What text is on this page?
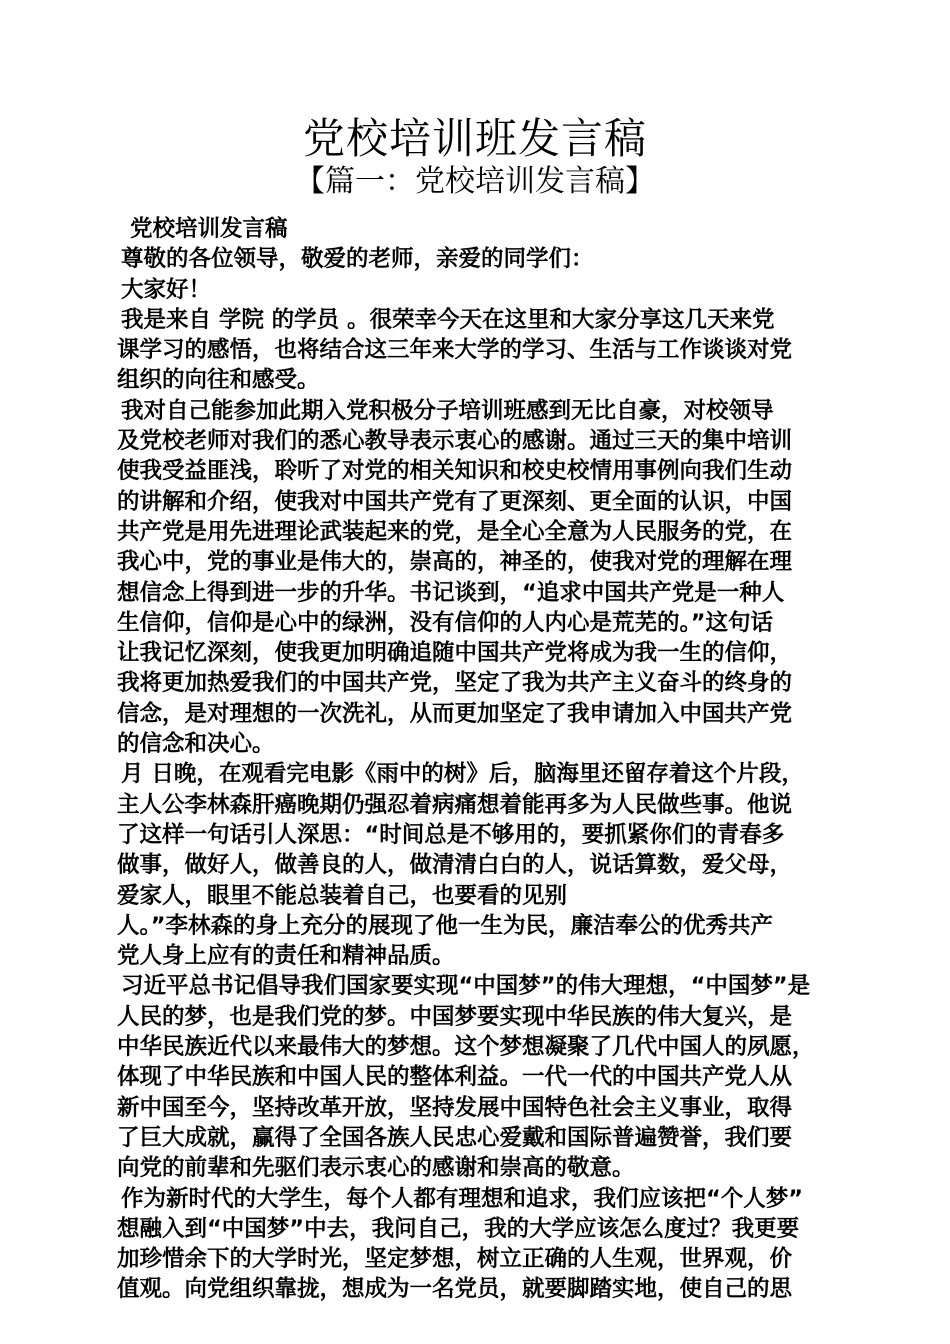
党校培训班发言稿
【篇一：党校培训发言稿】
党校培训发言稿
尊敬的各位领导，敬爱的老师，亲爱的同学们：
大家好！
我是来自 学院 的学员 。很荣幸今天在这里和大家分享这几天来党
课学习的感悟，也将结合这三年来大学的学习、生活与工作谈谈对党
组织的向往和感受。
我对自己能参加此期入党积极分子培训班感到无比自豪，对校领导
及党校老师对我们的悉心教导表示衷心的感谢。通过三天的集中培训
使我受益匪浅，聆听了对党的相关知识和校史校情用事例向我们生动
的讲解和介绍，使我对中国共产党有了更深刻、更全面的认识，中国
共产党是用先进理论武装起来的党，是全心全意为人民服务的党，在
我心中，党的事业是伟大的，崇高的，神圣的，使我对党的理解在理
想信念上得到进一步的升华。书记谈到，“追求中国共产党是一种人
生信仰，信仰是心中的绿洲，没有信仰的人内心是荒芜的。”这句话
让我记忆深刻，使我更加明确追随中国共产党将成为我一生的信仰，
我将更加热爱我们的中国共产党，坚定了我为共产主义奋斗的终身的
信念，是对理想的一次洗礼，从而更加坚定了我申请加入中国共产党
的信念和决心。
月 日晚，在观看完电影《雨中的树》后，脑海里还留存着这个片段，
主人公李林森肝癌晚期仍强忍着病痛想着能再多为人民做些事。他说
了这样一句话引人深思：“时间总是不够用的，要抓紧你们的青春多
做事，做好人，做善良的人，做清清白白的人，说话算数，爱父母，
爱家人，眼里不能总装着自己，也要看的见别
人。”李林森的身上充分的展现了他一生为民，廉洁奉公的优秀共产
党人身上应有的责任和精神品质。
习近平总书记倡导我们国家要实现“中国梦”的伟大理想，“中国梦”是
人民的梦，也是我们党的梦。中国梦要实现中华民族的伟大复兴，是
中华民族近代以来最伟大的梦想。这个梦想凝聚了几代中国人的夙愿，
体现了中华民族和中国人民的整体利益。一代一代的中国共产党人从
新中国至今，坚持改革开放，坚持发展中国特色社会主义事业，取得
了巨大成就，赢得了全国各族人民忠心爱戴和国际普遍赞誉，我们要
向党的前辈和先驱们表示衷心的感谢和崇高的敬意。
作为新时代的大学生，每个人都有理想和追求，我们应该把“个人梦”
想融入到“中国梦”中去，我问自己，我的大学应该怎么度过？我更要
加珍惜余下的大学时光，坚定梦想，树立正确的人生观，世界观，价
值观。向党组织靠拢，想成为一名党员，就要脚踏实地，使自己的思
